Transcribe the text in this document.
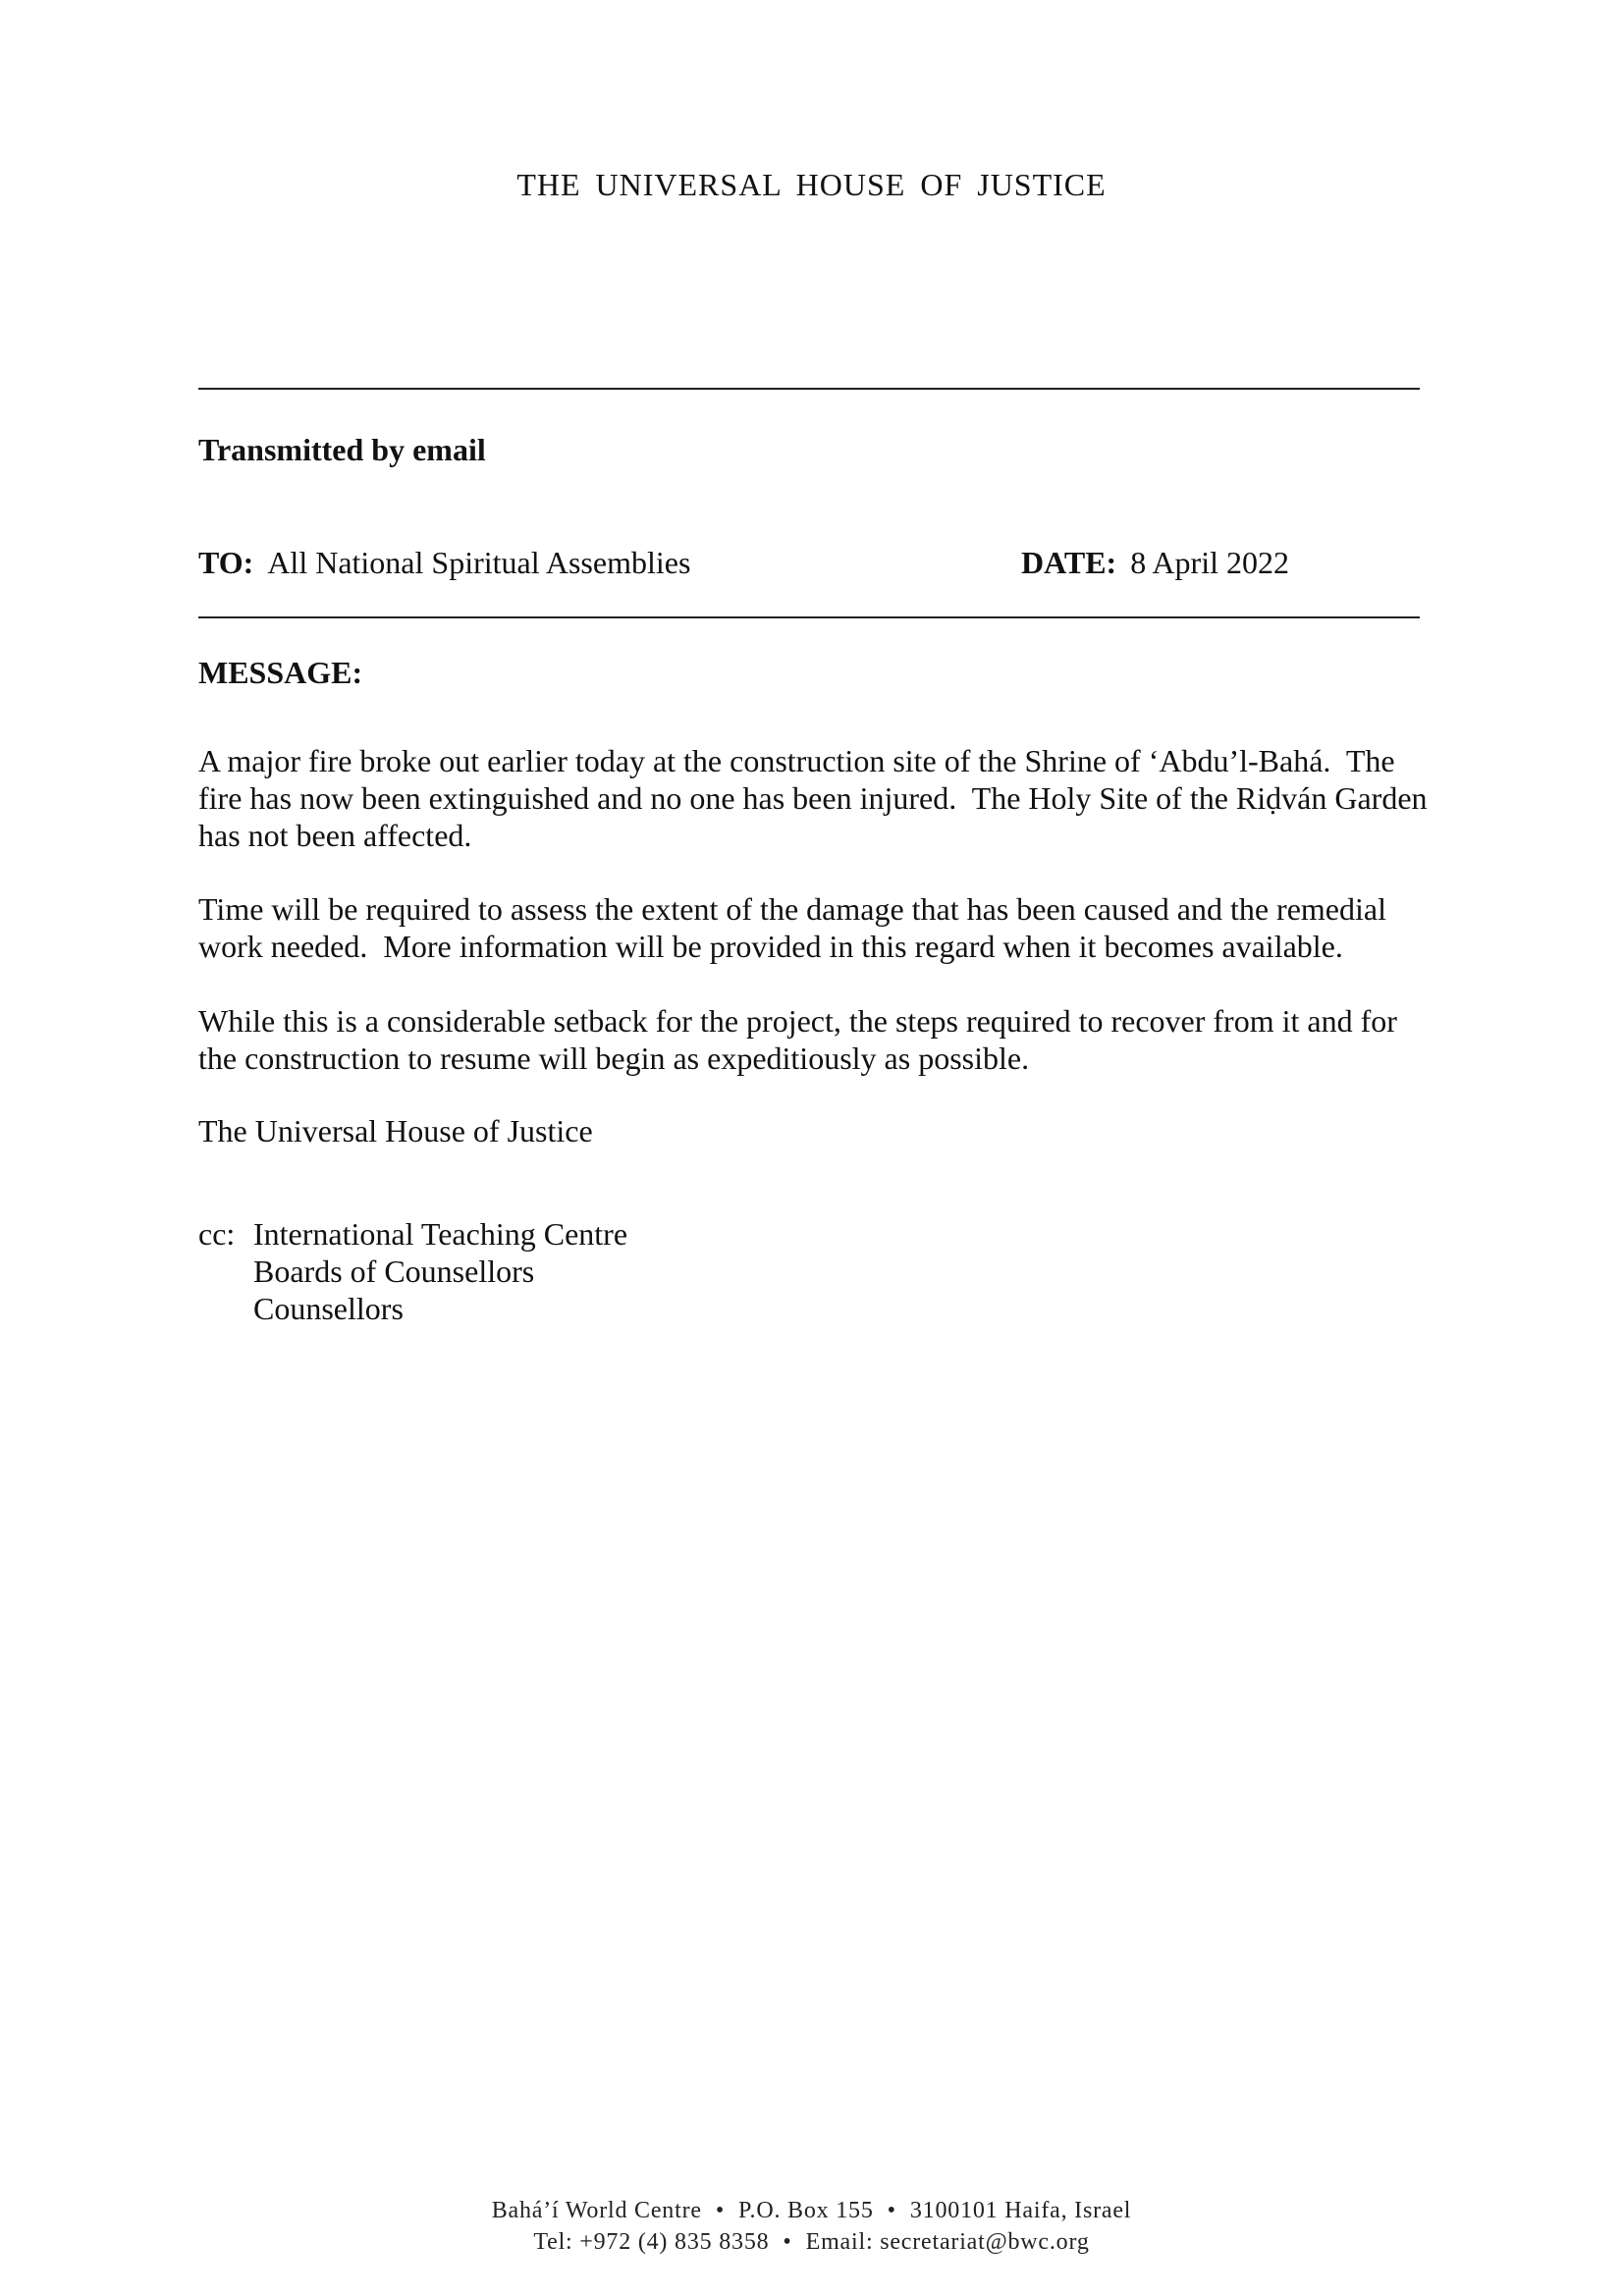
THE UNIVERSAL HOUSE OF JUSTICE
Transmitted by email
TO: All National Spiritual Assemblies	DATE: 8 April 2022
MESSAGE:
A major fire broke out earlier today at the construction site of the Shrine of ‘Abdu’l-Bahá.  The fire has now been extinguished and no one has been injured.  The Holy Site of the Riḍván Garden has not been affected.
Time will be required to assess the extent of the damage that has been caused and the remedial work needed.  More information will be provided in this regard when it becomes available.
While this is a considerable setback for the project, the steps required to recover from it and for the construction to resume will begin as expeditiously as possible.
The Universal House of Justice
cc: International Teaching Centre
Boards of Counsellors
Counsellors
Bahá’í World Centre • P.O. Box 155 • 3100101 Haifa, Israel
Tel: +972 (4) 835 8358 • Email: secretariat@bwc.org
